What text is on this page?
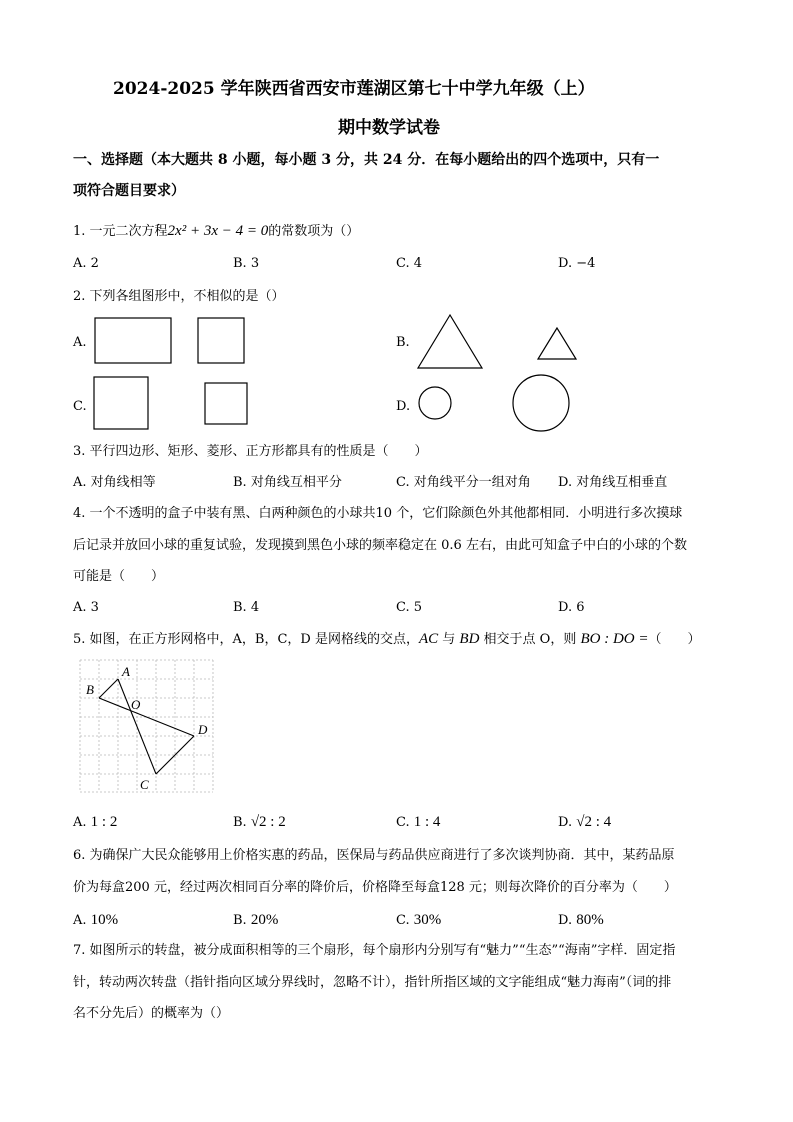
2024-2025 学年陕西省西安市莲湖区第七十中学九年级（上）
期中数学试卷
一、选择题（本大题共 8 小题，每小题 3 分，共 24 分．在每小题给出的四个选项中，只有一
项符合题目要求）
1. 一元二次方程2x² + 3x − 4 = 0的常数项为（）
A. 2	B. 3	C. 4	D. −4
2. 下列各组图形中，不相似的是（）
A.	B.
C.	D.
3. 平行四边形、矩形、菱形、正方形都具有的性质是（　　）
A. 对角线相等	B. 对角线互相平分	C. 对角线平分一组对角 D. 对角线互相垂直
4. 一个不透明的盒子中装有黑、白两种颜色的小球共10 个，它们除颜色外其他都相同．小明进行多次摸球
后记录并放回小球的重复试验，发现摸到黑色小球的频率稳定在 0.6 左右，由此可知盒子中白的小球的个数
可能是（　　）
A. 3	B. 4	C. 5	D. 6
5. 如图，在正方形网格中，A，B，C，D 是网格线的交点，AC 与 BD 相交于点 O，则 BO : DO =（　　）
A
B
O
D
C
A. 1 : 2	B. √2 : 2	C. 1 : 4	D. √2 : 4
6. 为确保广大民众能够用上价格实惠的药品，医保局与药品供应商进行了多次谈判协商．其中，某药品原
价为每盒200 元，经过两次相同百分率的降价后，价格降至每盒128 元；则每次降价的百分率为（　　）
A. 10%	B. 20%	C. 30%	D. 80%
7. 如图所示的转盘，被分成面积相等的三个扇形，每个扇形内分别写有“魅力”“生态”“海南”字样．固定指
针，转动两次转盘（指针指向区域分界线时，忽略不计），指针所指区域的文字能组成“魅力海南”（词的排
名不分先后）的概率为（）
